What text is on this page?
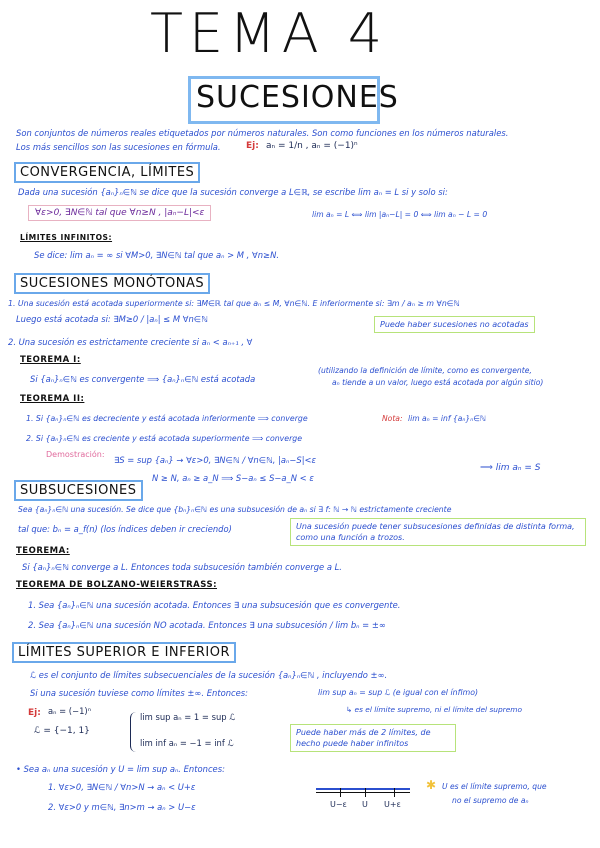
TEMA 4
SUCESIONES
Son conjuntos de números reales etiquetados por números naturales. Son como funciones en los números naturales.
Los más sencillos son las sucesiones en fórmula.	Ej: aₙ = 1/n , aₙ = (−1)ⁿ
CONVERGENCIA, LÍMITES
Dada una sucesión {aₙ}ₙ∈ℕ se dice que la sucesión converge a L∈ℝ, se escribe lim aₙ = L si y solo si:
∀ε>0, ∃N∈ℕ tal que ∀n≥N , |aₙ−L|<ε	lim aₙ = L ⟺ lim |aₙ−L| = 0 ⟺ lim aₙ − L = 0
LÍMITES INFINITOS:
Se dice: lim aₙ = ∞ si ∀M>0, ∃N∈ℕ tal que aₙ > M , ∀n≥N.
SUCESIONES MONÓTONAS
1. Una sucesión está acotada superiormente si: ∃M∈ℝ tal que aₙ ≤ M, ∀n∈ℕ. E inferiormente si: ∃m / aₙ ≥ m ∀n∈ℕ
Luego está acotada si: ∃M≥0 / |aₙ| ≤ M ∀n∈ℕ
Puede haber sucesiones no acotadas
2. Una sucesión es estrictamente creciente si aₙ < aₙ₊₁ , ∀
TEOREMA I:
Si {aₙ}ₙ∈ℕ es convergente ⟹ {aₙ}ₙ∈ℕ está acotada
(utilizando la definición de límite, como es convergente,
aₙ tiende a un valor, luego está acotada por algún sitio)
TEOREMA II:
1. Si {aₙ}ₙ∈ℕ es decreciente y está acotada inferiormente ⟹ converge	Nota: lim aₙ = inf {aₙ}ₙ∈ℕ
2. Si {aₙ}ₙ∈ℕ es creciente y está acotada superiormente ⟹ converge
Demostración:
∃S = sup {aₙ} → ∀ε>0, ∃N∈ℕ / ∀n∈ℕ, |aₙ−S|<ε
N ≥ N, aₙ ≥ a_N ⟹ S−aₙ ≤ S−a_N < ε
⟹ lim aₙ = S
SUBSUCESIONES
Sea {aₙ}ₙ∈ℕ una sucesión. Se dice que {bₙ}ₙ∈ℕ es una subsucesión de aₙ si ∃ f: ℕ → ℕ estrictamente creciente
tal que: bₙ = a_f(n) (los índices deben ir creciendo)	Una sucesión puede tener subsucesiones definidas de distinta forma, como una función a trozos.
TEOREMA:
Si {aₙ}ₙ∈ℕ converge a L. Entonces toda subsucesión también converge a L.
TEOREMA DE BOLZANO-WEIERSTRASS:
1. Sea {aₙ}ₙ∈ℕ una sucesión acotada. Entonces ∃ una subsucesión que es convergente.
2. Sea {aₙ}ₙ∈ℕ una sucesión NO acotada. Entonces ∃ una subsucesión / lim bₙ = ±∞
LÍMITES SUPERIOR E INFERIOR
ℒ es el conjunto de límites subsecuenciales de la sucesión {aₙ}ₙ∈ℕ , incluyendo ±∞.
Si una sucesión tuviese como límites ±∞. Entonces:	lim sup aₙ = sup ℒ (e igual con el ínfimo)
↳ es el límite supremo, ni el límite del supremo
Ej: aₙ = (−1)ⁿ
ℒ = {−1, 1}
lim sup aₙ = 1 = sup ℒ
lim inf aₙ = −1 = inf ℒ
Puede haber más de 2 límites, de hecho puede haber infinitos
• Sea aₙ una sucesión y U = lim sup aₙ. Entonces:
1. ∀ε>0, ∃N∈ℕ / ∀n>N → aₙ < U+ε
2. ∀ε>0 y m∈ℕ, ∃n>m → aₙ > U−ε	U−ε U U+ε
✱ U es el límite supremo, que
no el supremo de aₙ
